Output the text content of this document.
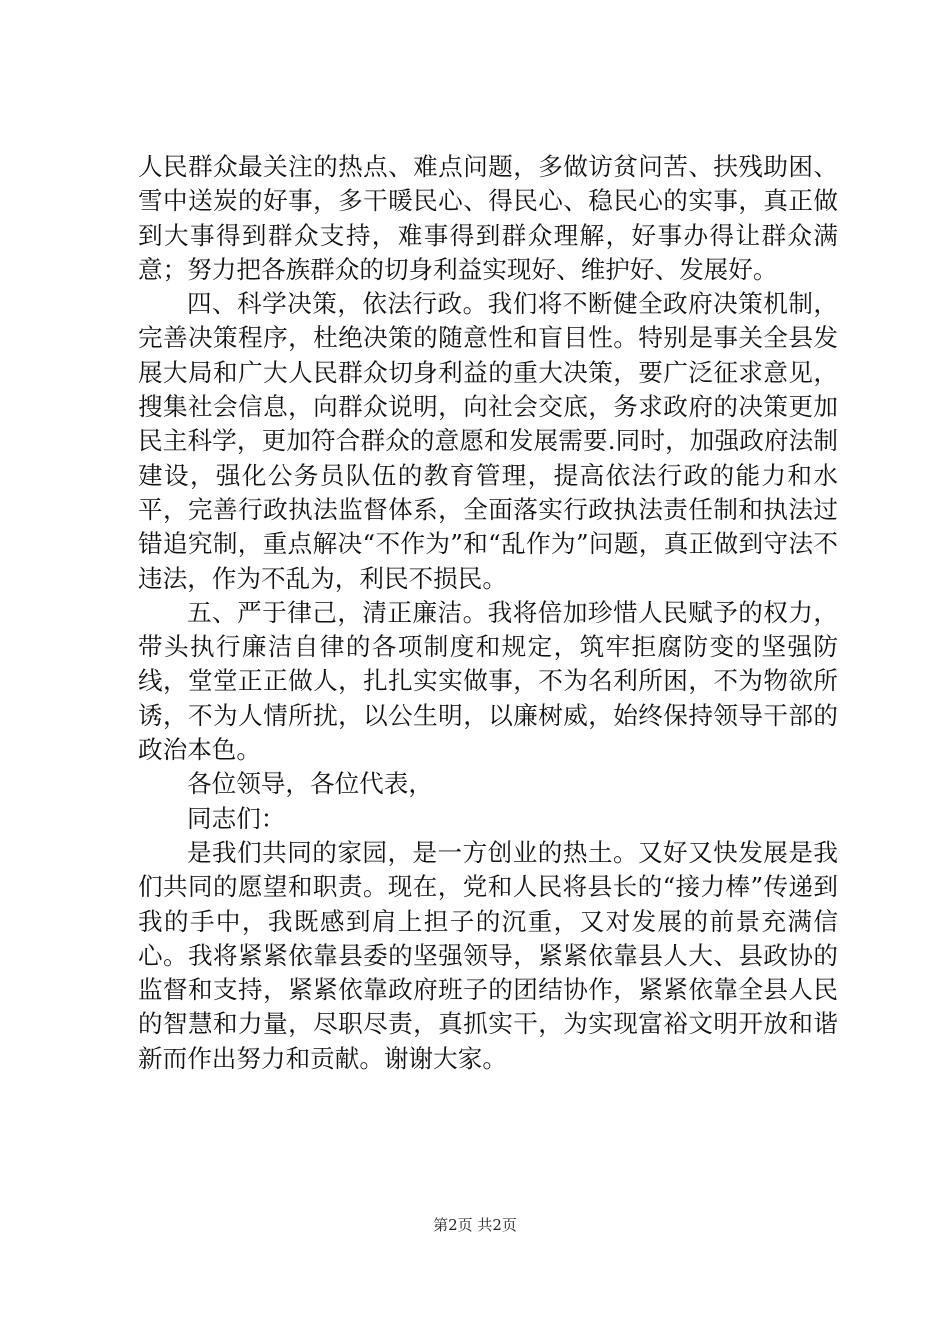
人民群众最关注的热点、难点问题，多做访贫问苦、扶残助困、雪中送炭的好事，多干暖民心、得民心、稳民心的实事，真正做到大事得到群众支持，难事得到群众理解，好事办得让群众满意；努力把各族群众的切身利益实现好、维护好、发展好。

四、科学决策，依法行政。我们将不断健全政府决策机制，完善决策程序，杜绝决策的随意性和盲目性。特别是事关全县发展大局和广大人民群众切身利益的重大决策，要广泛征求意见，搜集社会信息，向群众说明，向社会交底，务求政府的决策更加民主科学，更加符合群众的意愿和发展需要.同时，加强政府法制建设，强化公务员队伍的教育管理，提高依法行政的能力和水平，完善行政执法监督体系，全面落实行政执法责任制和执法过错追究制，重点解决“不作为”和“乱作为”问题，真正做到守法不违法，作为不乱为，利民不损民。

五、严于律己，清正廉洁。我将倍加珍惜人民赋予的权力，带头执行廉洁自律的各项制度和规定，筑牢拒腐防变的坚强防线，堂堂正正做人，扎扎实实做事，不为名利所困，不为物欲所诱，不为人情所扰，以公生明，以廉树威，始终保持领导干部的政治本色。

各位领导，各位代表，

同志们：

是我们共同的家园，是一方创业的热土。又好又快发展是我们共同的愿望和职责。现在，党和人民将县长的“接力棒”传递到我的手中，我既感到肩上担子的沉重，又对发展的前景充满信心。我将紧紧依靠县委的坚强领导，紧紧依靠县人大、县政协的监督和支持，紧紧依靠政府班子的团结协作，紧紧依靠全县人民的智慧和力量，尽职尽责，真抓实干，为实现富裕文明开放和谐新而作出努力和贡献。谢谢大家。

第2页 共2页
